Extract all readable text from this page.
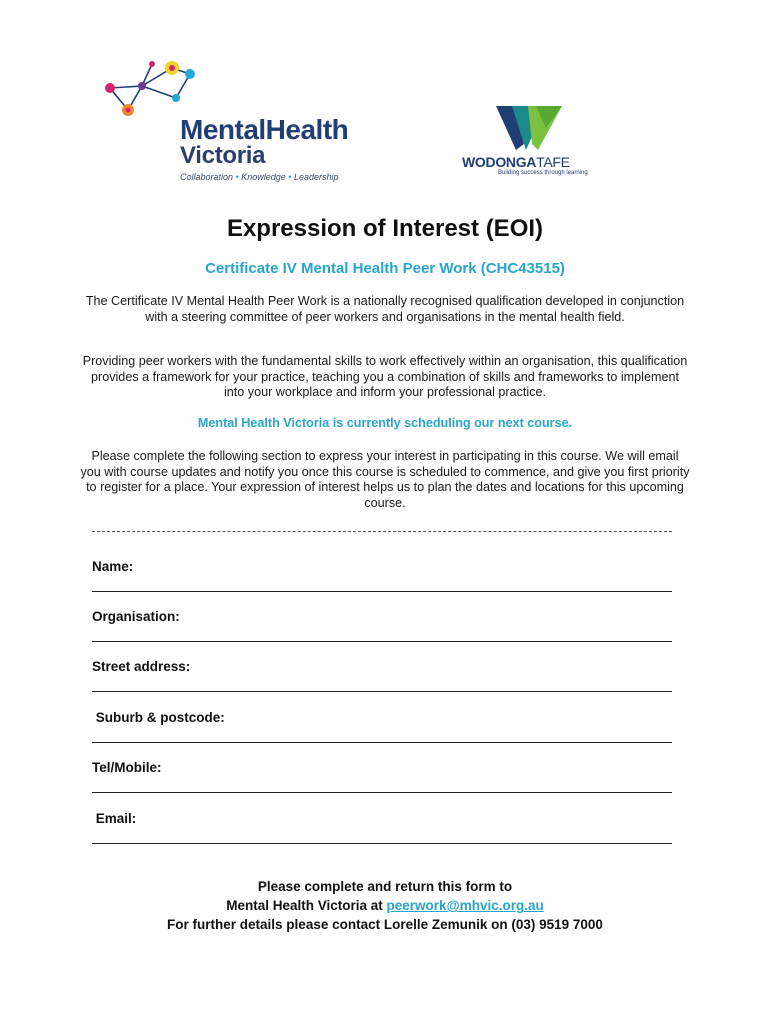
MentalHealth
Victoria
Collaboration • Knowledge • Leadership
WODONGATAFE
Building success through learning
Expression of Interest (EOI)
Certificate IV Mental Health Peer Work (CHC43515)
The Certificate IV Mental Health Peer Work is a nationally recognised qualification developed in conjunction with a steering committee of peer workers and organisations in the mental health field.
Providing peer workers with the fundamental skills to work effectively within an organisation, this qualification provides a framework for your practice, teaching you a combination of skills and frameworks to implement into your workplace and inform your professional practice.
Mental Health Victoria is currently scheduling our next course.
Please complete the following section to express your interest in participating in this course. We will email you with course updates and notify you once this course is scheduled to commence, and give you first priority to register for a place. Your expression of interest helps us to plan the dates and locations for this upcoming course.
Name:
Organisation:
Street address:
Suburb & postcode:
Tel/Mobile:
Email:
Please complete and return this form to
Mental Health Victoria at peerwork@mhvic.org.au
For further details please contact Lorelle Zemunik on (03) 9519 7000
